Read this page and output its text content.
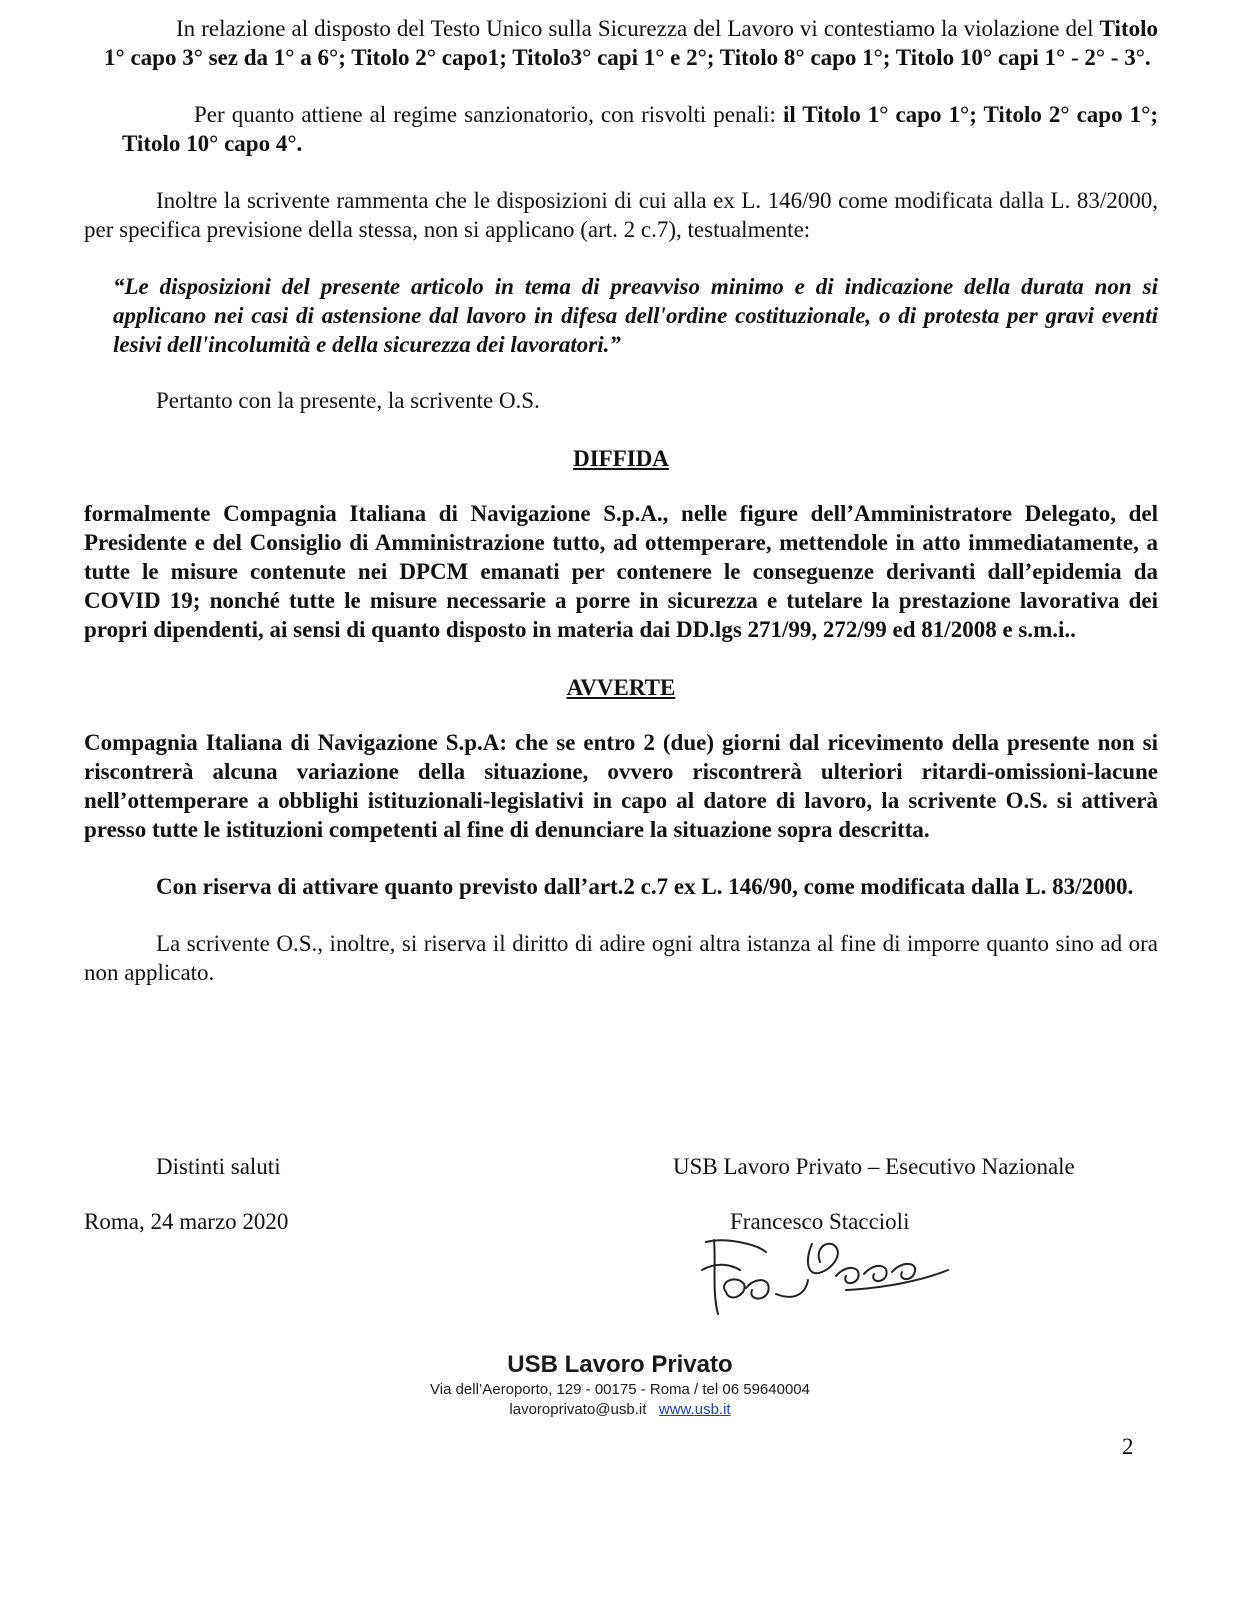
In relazione al disposto del Testo Unico sulla Sicurezza del Lavoro vi contestiamo la violazione del Titolo 1° capo 3° sez da 1° a 6°; Titolo 2° capo1; Titolo3° capi 1° e 2°; Titolo 8° capo 1°; Titolo 10° capi 1° - 2° - 3°.

Per quanto attiene al regime sanzionatorio, con risvolti penali: il Titolo 1° capo 1°; Titolo 2° capo 1°; Titolo 10° capo 4°.

Inoltre la scrivente rammenta che le disposizioni di cui alla ex L. 146/90 come modificata dalla L. 83/2000, per specifica previsione della stessa, non si applicano (art. 2 c.7), testualmente:

“Le disposizioni del presente articolo in tema di preavviso minimo e di indicazione della durata non si applicano nei casi di astensione dal lavoro in difesa dell'ordine costituzionale, o di protesta per gravi eventi lesivi dell'incolumità e della sicurezza dei lavoratori.”

Pertanto con la presente, la scrivente O.S.

DIFFIDA

formalmente Compagnia Italiana di Navigazione S.p.A., nelle figure dell’Amministratore Delegato, del Presidente e del Consiglio di Amministrazione tutto, ad ottemperare, mettendole in atto immediatamente, a tutte le misure contenute nei DPCM emanati per contenere le conseguenze derivanti dall’epidemia da COVID 19; nonché tutte le misure necessarie a porre in sicurezza e tutelare la prestazione lavorativa dei propri dipendenti, ai sensi di quanto disposto in materia dai DD.lgs 271/99, 272/99 ed 81/2008 e s.m.i..

AVVERTE

Compagnia Italiana di Navigazione S.p.A: che se entro 2 (due) giorni dal ricevimento della presente non si riscontrerà alcuna variazione della situazione, ovvero riscontrerà ulteriori ritardi-omissioni-lacune nell’ottemperare a obblighi istituzionali-legislativi in capo al datore di lavoro, la scrivente O.S. si attiverà presso tutte le istituzioni competenti al fine di denunciare la situazione sopra descritta.

Con riserva di attivare quanto previsto dall’art.2 c.7 ex L. 146/90, come modificata dalla L. 83/2000.

La scrivente O.S., inoltre, si riserva il diritto di adire ogni altra istanza al fine di imporre quanto sino ad ora non applicato.

Distinti saluti	USB Lavoro Privato – Esecutivo Nazionale
Roma, 24 marzo 2020	Francesco Staccioli
USB Lavoro Privato
Via dell’Aeroporto, 129 - 00175 - Roma / tel 06 59640004
lavoroprivato@usb.it www.usb.it
2
